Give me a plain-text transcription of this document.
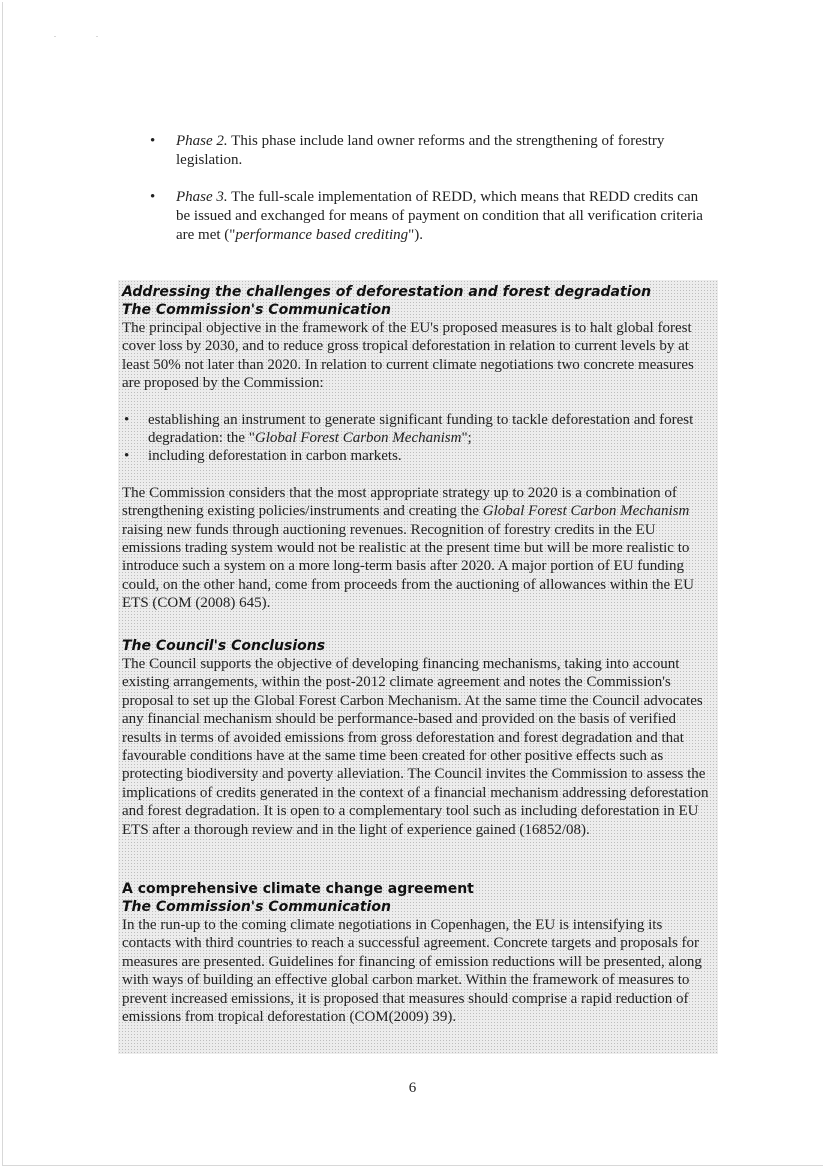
.	.
• Phase 2. This phase include land owner reforms and the strengthening of forestry legislation.
• Phase 3. The full-scale implementation of REDD, which means that REDD credits can be issued and exchanged for means of payment on condition that all verification criteria are met ("performance based crediting").
Addressing the challenges of deforestation and forest degradation
The Commission's Communication

The principal objective in the framework of the EU's proposed measures is to halt global forest cover loss by 2030, and to reduce gross tropical deforestation in relation to current levels by at least 50% not later than 2020. In relation to current climate negotiations two concrete measures are proposed by the Commission:

• establishing an instrument to generate significant funding to tackle deforestation and forest degradation: the "Global Forest Carbon Mechanism";
• including deforestation in carbon markets.

The Commission considers that the most appropriate strategy up to 2020 is a combination of strengthening existing policies/instruments and creating the Global Forest Carbon Mechanism raising new funds through auctioning revenues. Recognition of forestry credits in the EU emissions trading system would not be realistic at the present time but will be more realistic to introduce such a system on a more long-term basis after 2020. A major portion of EU funding could, on the other hand, come from proceeds from the auctioning of allowances within the EU ETS (COM (2008) 645).

The Council's Conclusions

The Council supports the objective of developing financing mechanisms, taking into account existing arrangements, within the post-2012 climate agreement and notes the Commission's proposal to set up the Global Forest Carbon Mechanism. At the same time the Council advocates any financial mechanism should be performance-based and provided on the basis of verified results in terms of avoided emissions from gross deforestation and forest degradation and that favourable conditions have at the same time been created for other positive effects such as protecting biodiversity and poverty alleviation. The Council invites the Commission to assess the implications of credits generated in the context of a financial mechanism addressing deforestation and forest degradation. It is open to a complementary tool such as including deforestation in EU ETS after a thorough review and in the light of experience gained (16852/08).

A comprehensive climate change agreement
The Commission's Communication

In the run-up to the coming climate negotiations in Copenhagen, the EU is intensifying its contacts with third countries to reach a successful agreement. Concrete targets and proposals for measures are presented. Guidelines for financing of emission reductions will be presented, along with ways of building an effective global carbon market. Within the framework of measures to prevent increased emissions, it is proposed that measures should comprise a rapid reduction of emissions from tropical deforestation (COM(2009) 39).

6
